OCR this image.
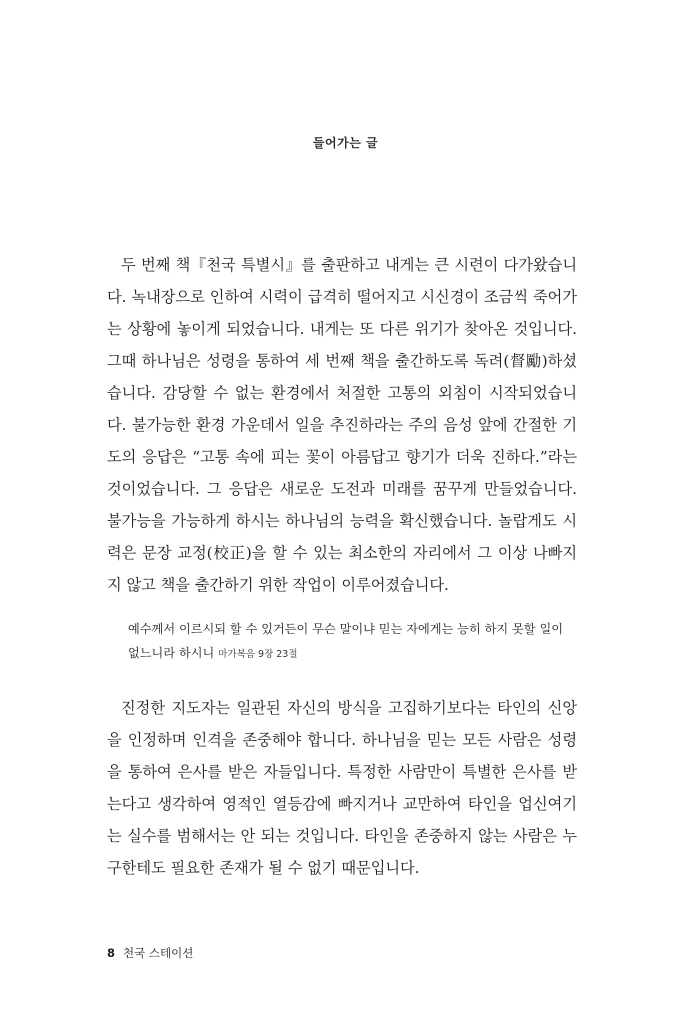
들어가는 글

두 번째 책『천국 특별시』를 출판하고 내게는 큰 시련이 다가왔습니다. 녹내장으로 인하여 시력이 급격히 떨어지고 시신경이 조금씩 죽어가는 상황에 놓이게 되었습니다. 내게는 또 다른 위기가 찾아온 것입니다. 그때 하나님은 성령을 통하여 세 번째 책을 출간하도록 독려(督勵)하셨습니다. 감당할 수 없는 환경에서 처절한 고통의 외침이 시작되었습니다. 불가능한 환경 가운데서 일을 추진하라는 주의 음성 앞에 간절한 기도의 응답은 “고통 속에 피는 꽃이 아름답고 향기가 더욱 진하다.”라는 것이었습니다. 그 응답은 새로운 도전과 미래를 꿈꾸게 만들었습니다. 불가능을 가능하게 하시는 하나님의 능력을 확신했습니다. 놀랍게도 시력은 문장 교정(校正)을 할 수 있는 최소한의 자리에서 그 이상 나빠지지 않고 책을 출간하기 위한 작업이 이루어졌습니다.

예수께서 이르시되 할 수 있거든이 무슨 말이냐 믿는 자에게는 능히 하지 못할 일이 없느니라 하시니 마가복음 9장 23절

진정한 지도자는 일관된 자신의 방식을 고집하기보다는 타인의 신앙을 인정하며 인격을 존중해야 합니다. 하나님을 믿는 모든 사람은 성령을 통하여 은사를 받은 자들입니다. 특정한 사람만이 특별한 은사를 받는다고 생각하여 영적인 열등감에 빠지거나 교만하여 타인을 업신여기는 실수를 범해서는 안 되는 것입니다. 타인을 존중하지 않는 사람은 누구한테도 필요한 존재가 될 수 없기 때문입니다.

8 천국 스테이션
